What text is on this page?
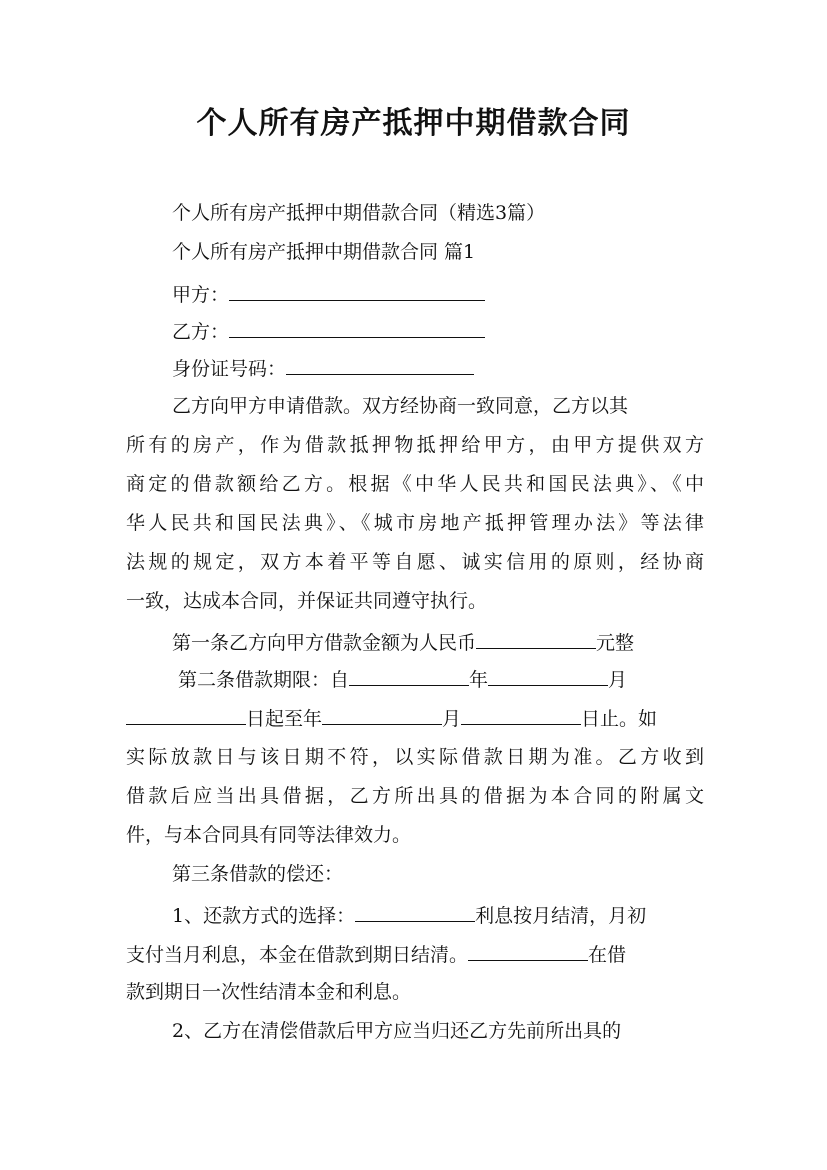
个人所有房产抵押中期借款合同
个人所有房产抵押中期借款合同（精选3篇）
个人所有房产抵押中期借款合同 篇1
甲方：
乙方：
身份证号码：
乙方向甲方申请借款。双方经协商一致同意，乙方以其
所有的房产，作为借款抵押物抵押给甲方，由甲方提供双方
商定的借款额给乙方。根据《中华人民共和国民法典》、《中
华人民共和国民法典》、《城市房地产抵押管理办法》等法律
法规的规定，双方本着平等自愿、诚实信用的原则，经协商
一致，达成本合同，并保证共同遵守执行。
第一条乙方向甲方借款金额为人民币	元整
第二条借款期限：自	年	月
日起至年	月	日止。如
实际放款日与该日期不符，以实际借款日期为准。乙方收到
借款后应当出具借据，乙方所出具的借据为本合同的附属文
件，与本合同具有同等法律效力。
第三条借款的偿还：
1、还款方式的选择：	利息按月结清，月初
支付当月利息，本金在借款到期日结清。	在借
款到期日一次性结清本金和利息。
2、乙方在清偿借款后甲方应当归还乙方先前所出具的
